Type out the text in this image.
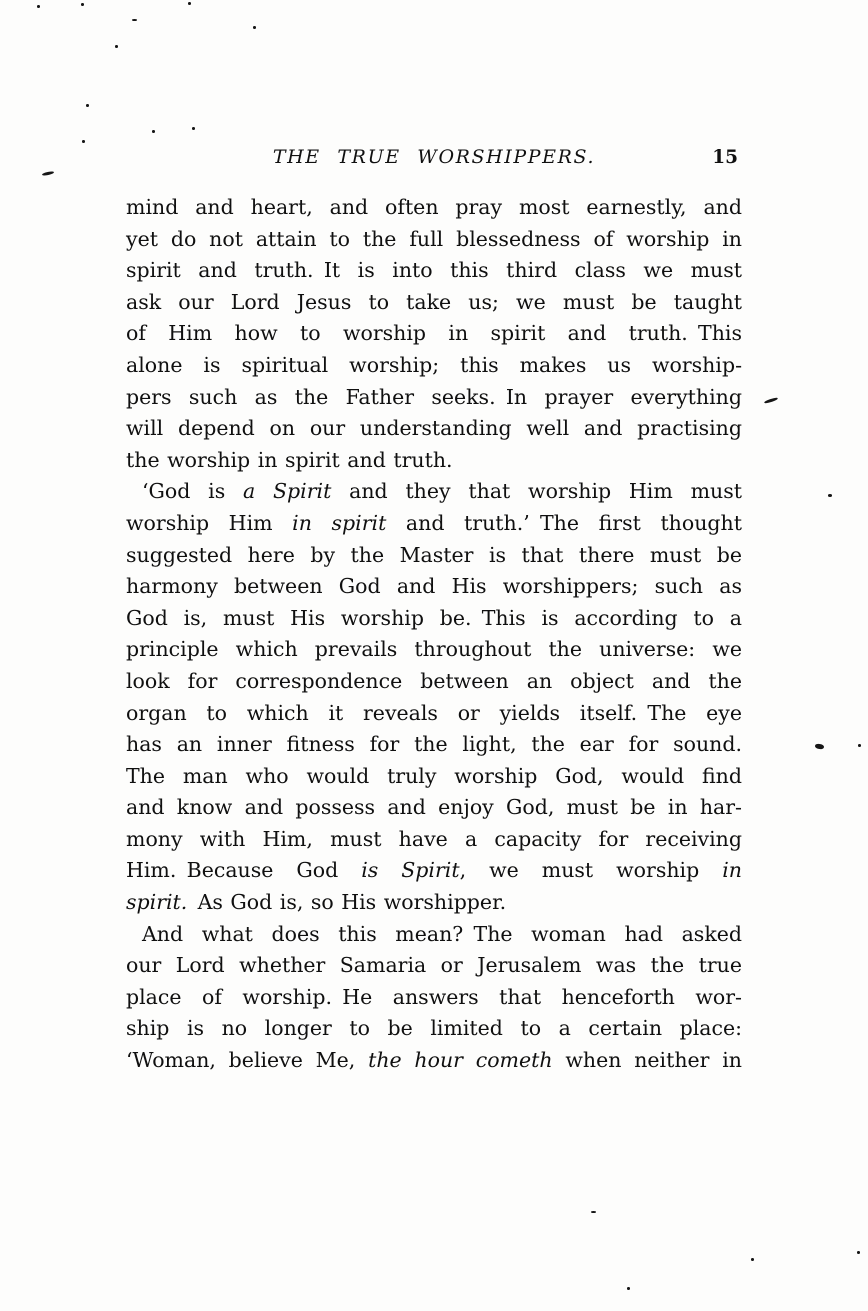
THE TRUE WORSHIPPERS.	15
mind and heart, and often pray most earnestly, and
yet do not attain to the full blessedness of worship in
spirit and truth. It is into this third class we must
ask our Lord Jesus to take us; we must be taught
of Him how to worship in spirit and truth. This
alone is spiritual worship; this makes us worship-
pers such as the Father seeks. In prayer everything
will depend on our understanding well and practising
the worship in spirit and truth.
‘God is a Spirit and they that worship Him must
worship Him in spirit and truth.’ The first thought
suggested here by the Master is that there must be
harmony between God and His worshippers; such as
God is, must His worship be. This is according to a
principle which prevails throughout the universe: we
look for correspondence between an object and the
organ to which it reveals or yields itself. The eye
has an inner fitness for the light, the ear for sound.
The man who would truly worship God, would find
and know and possess and enjoy God, must be in har-
mony with Him, must have a capacity for receiving
Him. Because God is Spirit, we must worship in
spirit. As God is, so His worshipper.
And what does this mean? The woman had asked
our Lord whether Samaria or Jerusalem was the true
place of worship. He answers that henceforth wor-
ship is no longer to be limited to a certain place:
‘Woman, believe Me, the hour cometh when neither in
